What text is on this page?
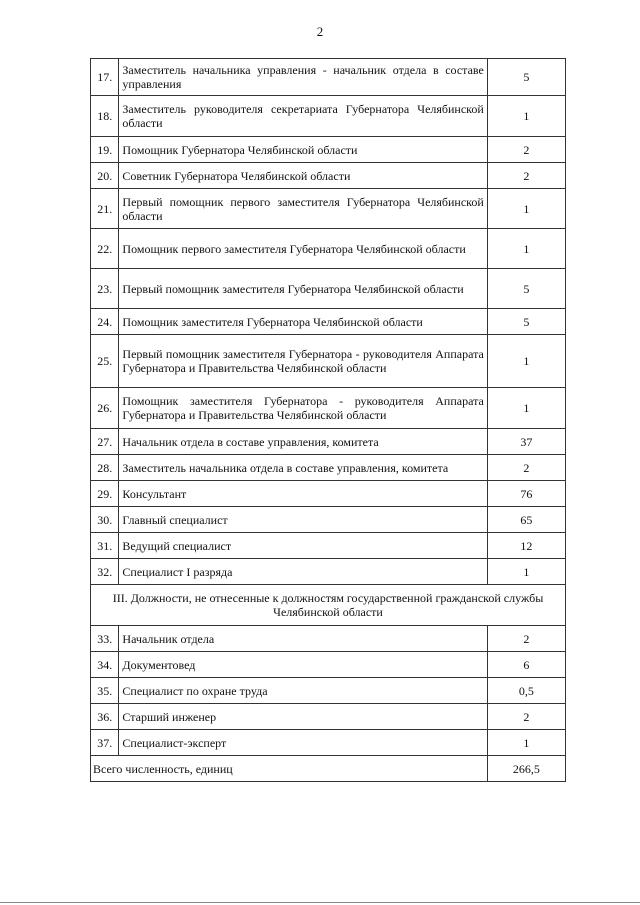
2
17.	Заместитель начальника управления - начальник отдела в составе управления	5
18.	Заместитель руководителя секретариата Губернатора Челябинской области	1
19.	Помощник Губернатора Челябинской области	2
20.	Советник Губернатора Челябинской области	2
21.	Первый помощник первого заместителя Губернатора Челябинской области	1
22.	Помощник первого заместителя Губернатора Челябинской области	1
23.	Первый помощник заместителя Губернатора Челябинской области	5
24.	Помощник заместителя Губернатора Челябинской области	5
25.	Первый помощник заместителя Губернатора - руководителя Аппарата Губернатора и Правительства Челябинской области	1
26.	Помощник заместителя Губернатора - руководителя Аппарата Губернатора и Правительства Челябинской области	1
27.	Начальник отдела в составе управления, комитета	37
28.	Заместитель начальника отдела в составе управления, комитета	2
29.	Консультант	76
30.	Главный специалист	65
31.	Ведущий специалист	12
32.	Специалист I разряда	1
III. Должности, не отнесенные к должностям государственной гражданской службы Челябинской области		
33.	Начальник отдела	2
34.	Документовед	6
35.	Специалист по охране труда	0,5
36.	Старший инженер	2
37.	Специалист-эксперт	1
Всего численность, единиц		266,5
